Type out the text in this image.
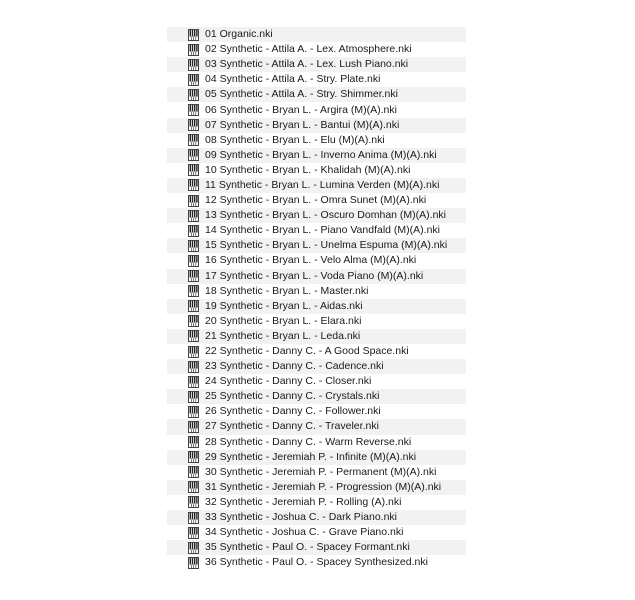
01 Organic.nki
02 Synthetic - Attila A. - Lex. Atmosphere.nki
03 Synthetic - Attila A. - Lex. Lush Piano.nki
04 Synthetic - Attila A. - Stry. Plate.nki
05 Synthetic - Attila A. - Stry. Shimmer.nki
06 Synthetic - Bryan L. - Argira (M)(A).nki
07 Synthetic - Bryan L. - Bantui (M)(A).nki
08 Synthetic - Bryan L. - Elu (M)(A).nki
09 Synthetic - Bryan L. - Inverno Anima (M)(A).nki
10 Synthetic - Bryan L. - Khalidah (M)(A).nki
11 Synthetic - Bryan L. - Lumina Verden (M)(A).nki
12 Synthetic - Bryan L. - Omra Sunet (M)(A).nki
13 Synthetic - Bryan L. - Oscuro Domhan (M)(A).nki
14 Synthetic - Bryan L. - Piano Vandfald (M)(A).nki
15 Synthetic - Bryan L. - Unelma Espuma (M)(A).nki
16 Synthetic - Bryan L. - Velo Alma (M)(A).nki
17 Synthetic - Bryan L. - Voda Piano (M)(A).nki
18 Synthetic - Bryan L. - Master.nki
19 Synthetic - Bryan L. - Aidas.nki
20 Synthetic - Bryan L. - Elara.nki
21 Synthetic - Bryan L. - Leda.nki
22 Synthetic - Danny C. - A Good Space.nki
23 Synthetic - Danny C. - Cadence.nki
24 Synthetic - Danny C. - Closer.nki
25 Synthetic - Danny C. - Crystals.nki
26 Synthetic - Danny C. - Follower.nki
27 Synthetic - Danny C. - Traveler.nki
28 Synthetic - Danny C. - Warm Reverse.nki
29 Synthetic - Jeremiah P. - Infinite (M)(A).nki
30 Synthetic - Jeremiah P. - Permanent (M)(A).nki
31 Synthetic - Jeremiah P. - Progression (M)(A).nki
32 Synthetic - Jeremiah P. - Rolling (A).nki
33 Synthetic - Joshua C. - Dark Piano.nki
34 Synthetic - Joshua C. - Grave Piano.nki
35 Synthetic - Paul O. - Spacey Formant.nki
36 Synthetic - Paul O. - Spacey Synthesized.nki
